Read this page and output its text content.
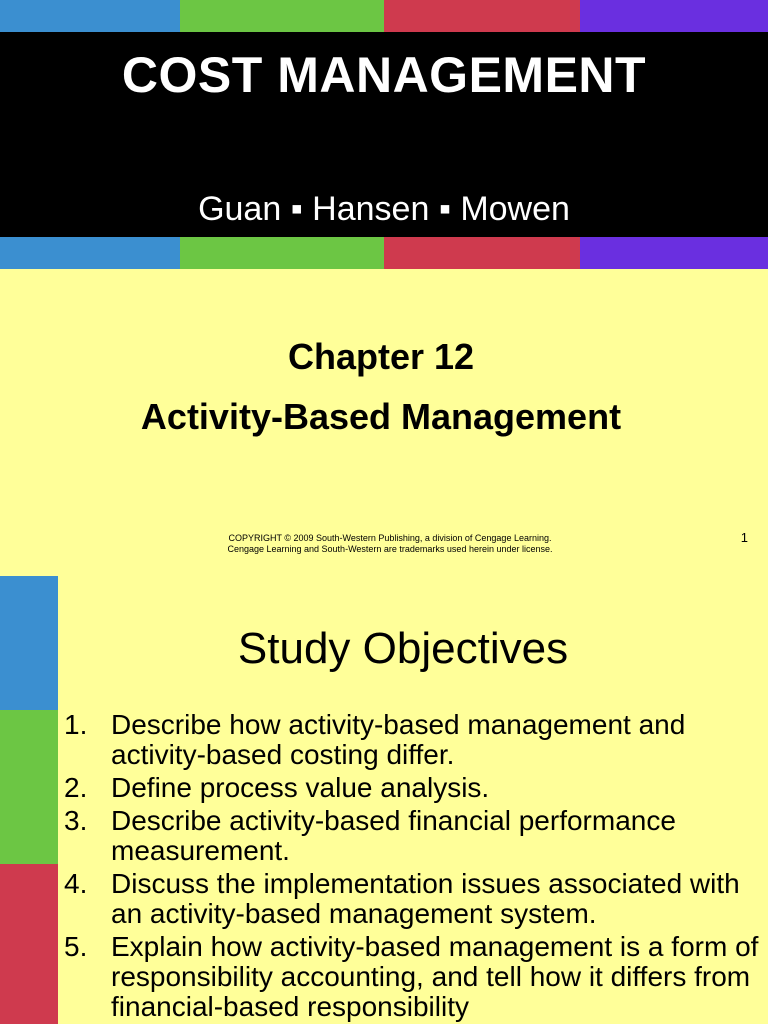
COST MANAGEMENT
Guan ▪ Hansen ▪ Mowen
Chapter 12
Activity-Based Management
COPYRIGHT © 2009 South-Western Publishing, a division of Cengage Learning.
Cengage Learning and South-Western are trademarks used herein under license.
1
Study Objectives
1. Describe how activity-based management and activity-based costing differ.
2. Define process value analysis.
3. Describe activity-based financial performance measurement.
4. Discuss the implementation issues associated with an activity-based management system.
5. Explain how activity-based management is a form of responsibility accounting, and tell how it differs from financial-based responsibility
